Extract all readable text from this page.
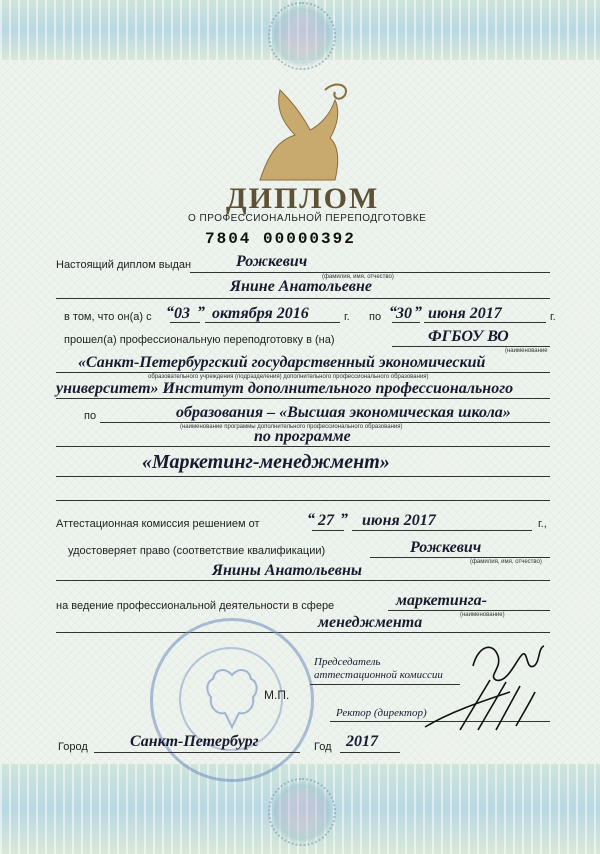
ДИПЛОМ
О ПРОФЕССИОНАЛЬНОЙ ПЕРЕПОДГОТОВКЕ
7804 00000392
Настоящий диплом выдан	Рожкевич
(фамилия, имя, отчество)
Янине Анатольевне
в том, что он(а) с “ 03 ” октября 2016	г. по “ 30 ” июня 2017	г.
прошел(а) профессиональную переподготовку в (на)	ФГБОУ ВО
(наименование
«Санкт-Петербургский государственный экономический
образовательного учреждения (подразделения) дополнительного профессионального образования)
университет» Институт дополнительного профессионального
по	образования – «Высшая экономическая школа»
(наименование программы дополнительного профессионального образования)
по программе
«Маркетинг-менеджмент»
Аттестационная комиссия решением от	“ 27 ” июня 2017	г.,
удостоверяет право (соответствие квалификации)	Рожкевич
(фамилия, имя, отчество)
Янины Анатольевны
на ведение профессиональной деятельности в сфере	маркетинга-
(наименование)
менеджмента
Председатель
аттестационной комиссии
М.П.
Ректор (директор)
Город	Санкт-Петербург	Год 2017
